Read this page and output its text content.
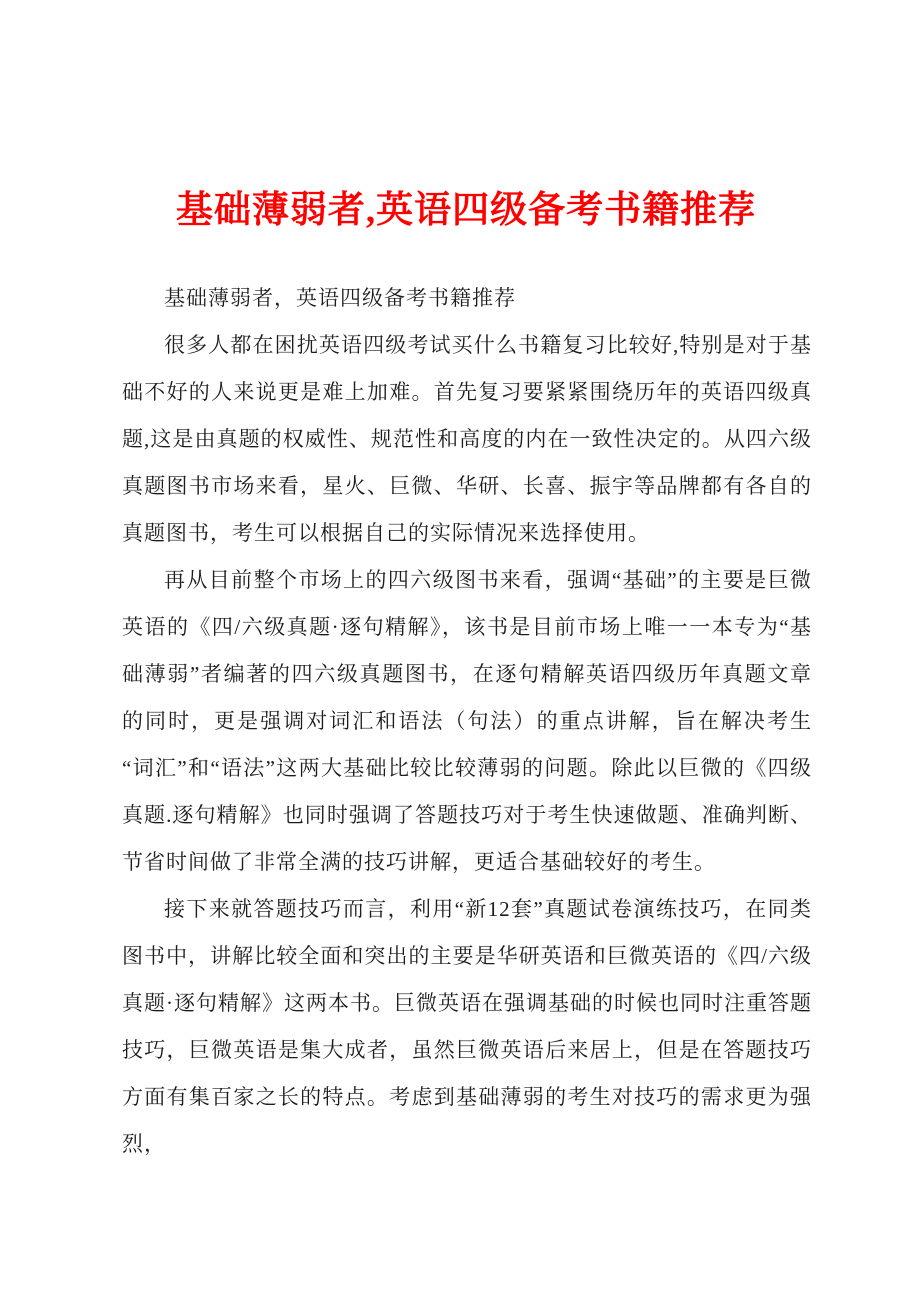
基础薄弱者,英语四级备考书籍推荐

基础薄弱者，英语四级备考书籍推荐

很多人都在困扰英语四级考试买什么书籍复习比较好,特别是对于基础不好的人来说更是难上加难。首先复习要紧紧围绕历年的英语四级真题,这是由真题的权威性、规范性和高度的内在一致性决定的。从四六级真题图书市场来看，星火、巨微、华研、长喜、振宇等品牌都有各自的真题图书，考生可以根据自己的实际情况来选择使用。

再从目前整个市场上的四六级图书来看，强调“基础”的主要是巨微英语的《四/六级真题·逐句精解》，该书是目前市场上唯一一本专为“基础薄弱”者编著的四六级真题图书，在逐句精解英语四级历年真题文章的同时，更是强调对词汇和语法（句法）的重点讲解，旨在解决考生“词汇”和“语法”这两大基础比较比较薄弱的问题。除此以巨微的《四级真题.逐句精解》也同时强调了答题技巧对于考生快速做题、准确判断、节省时间做了非常全满的技巧讲解，更适合基础较好的考生。

接下来就答题技巧而言，利用“新12套”真题试卷演练技巧，在同类图书中，讲解比较全面和突出的主要是华研英语和巨微英语的《四/六级真题·逐句精解》这两本书。巨微英语在强调基础的时候也同时注重答题技巧，巨微英语是集大成者，虽然巨微英语后来居上，但是在答题技巧方面有集百家之长的特点。考虑到基础薄弱的考生对技巧的需求更为强烈，
